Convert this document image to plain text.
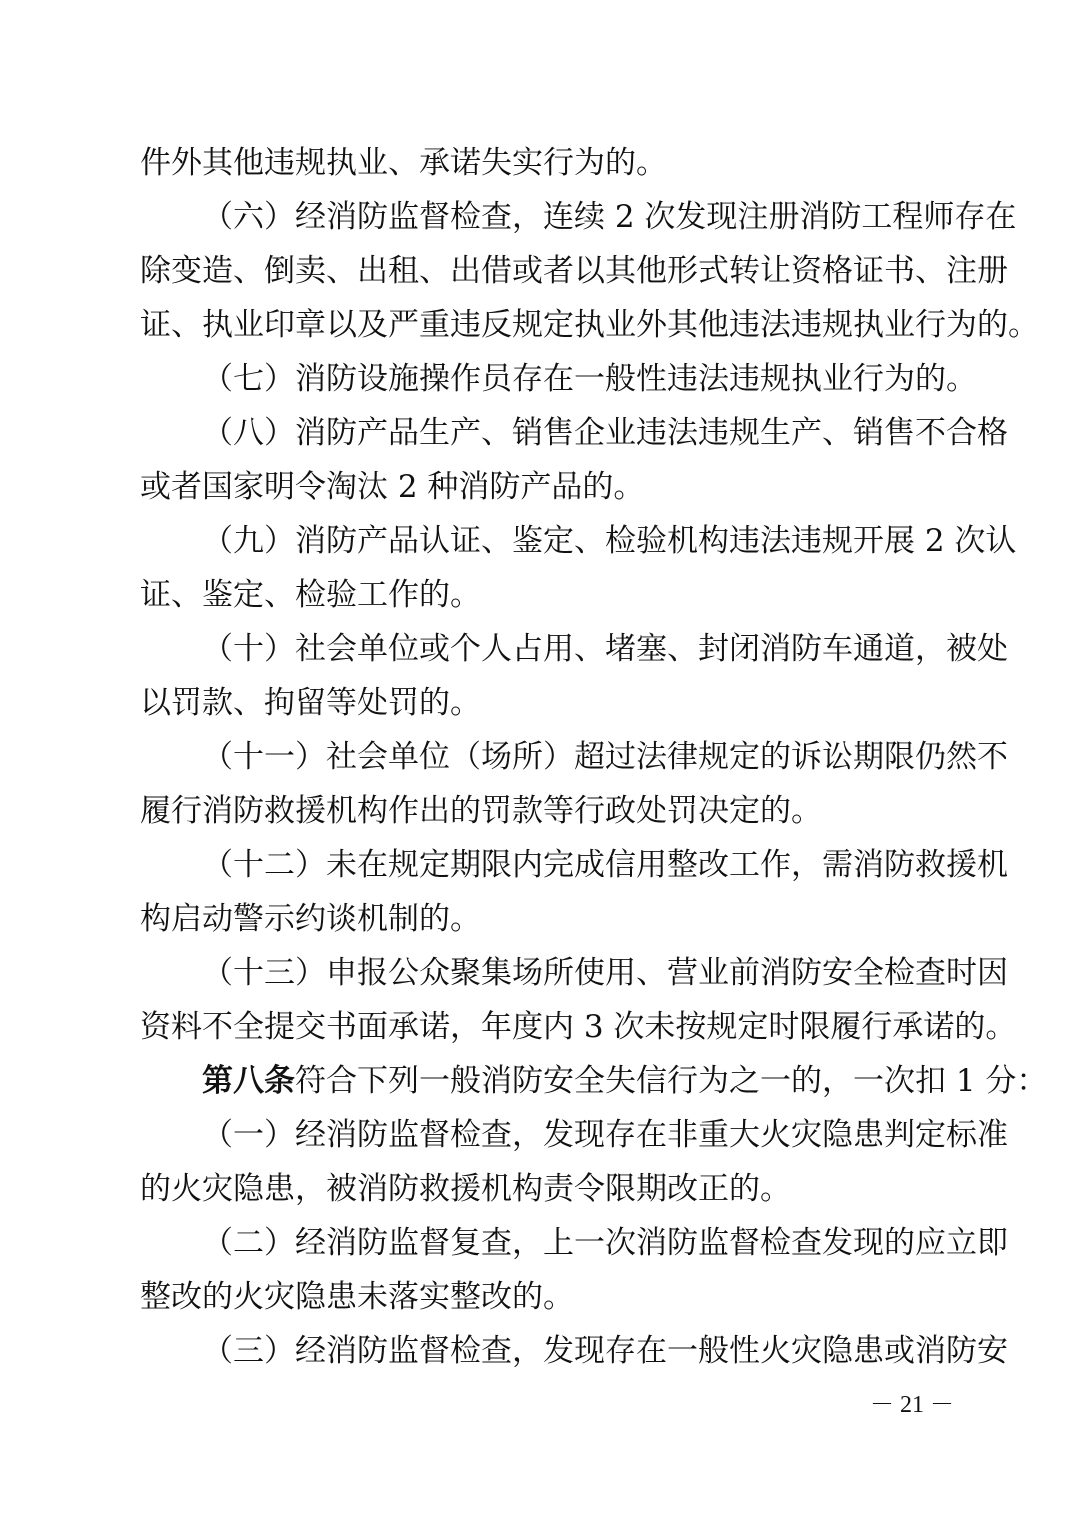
件外其他违规执业、承诺失实行为的。
（六）经消防监督检查，连续 2 次发现注册消防工程师存在
除变造、倒卖、出租、出借或者以其他形式转让资格证书、注册
证、执业印章以及严重违反规定执业外其他违法违规执业行为的。
（七）消防设施操作员存在一般性违法违规执业行为的。
（八）消防产品生产、销售企业违法违规生产、销售不合格
或者国家明令淘汰 2 种消防产品的。
（九）消防产品认证、鉴定、检验机构违法违规开展 2 次认
证、鉴定、检验工作的。
（十）社会单位或个人占用、堵塞、封闭消防车通道，被处
以罚款、拘留等处罚的。
（十一）社会单位（场所）超过法律规定的诉讼期限仍然不
履行消防救援机构作出的罚款等行政处罚决定的。
（十二）未在规定期限内完成信用整改工作，需消防救援机
构启动警示约谈机制的。
（十三）申报公众聚集场所使用、营业前消防安全检查时因
资料不全提交书面承诺，年度内 3 次未按规定时限履行承诺的。
第八条符合下列一般消防安全失信行为之一的，一次扣 1 分：
（一）经消防监督检查，发现存在非重大火灾隐患判定标准
的火灾隐患，被消防救援机构责令限期改正的。
（二）经消防监督复查，上一次消防监督检查发现的应立即
整改的火灾隐患未落实整改的。
（三）经消防监督检查，发现存在一般性火灾隐患或消防安
－ 21 －
